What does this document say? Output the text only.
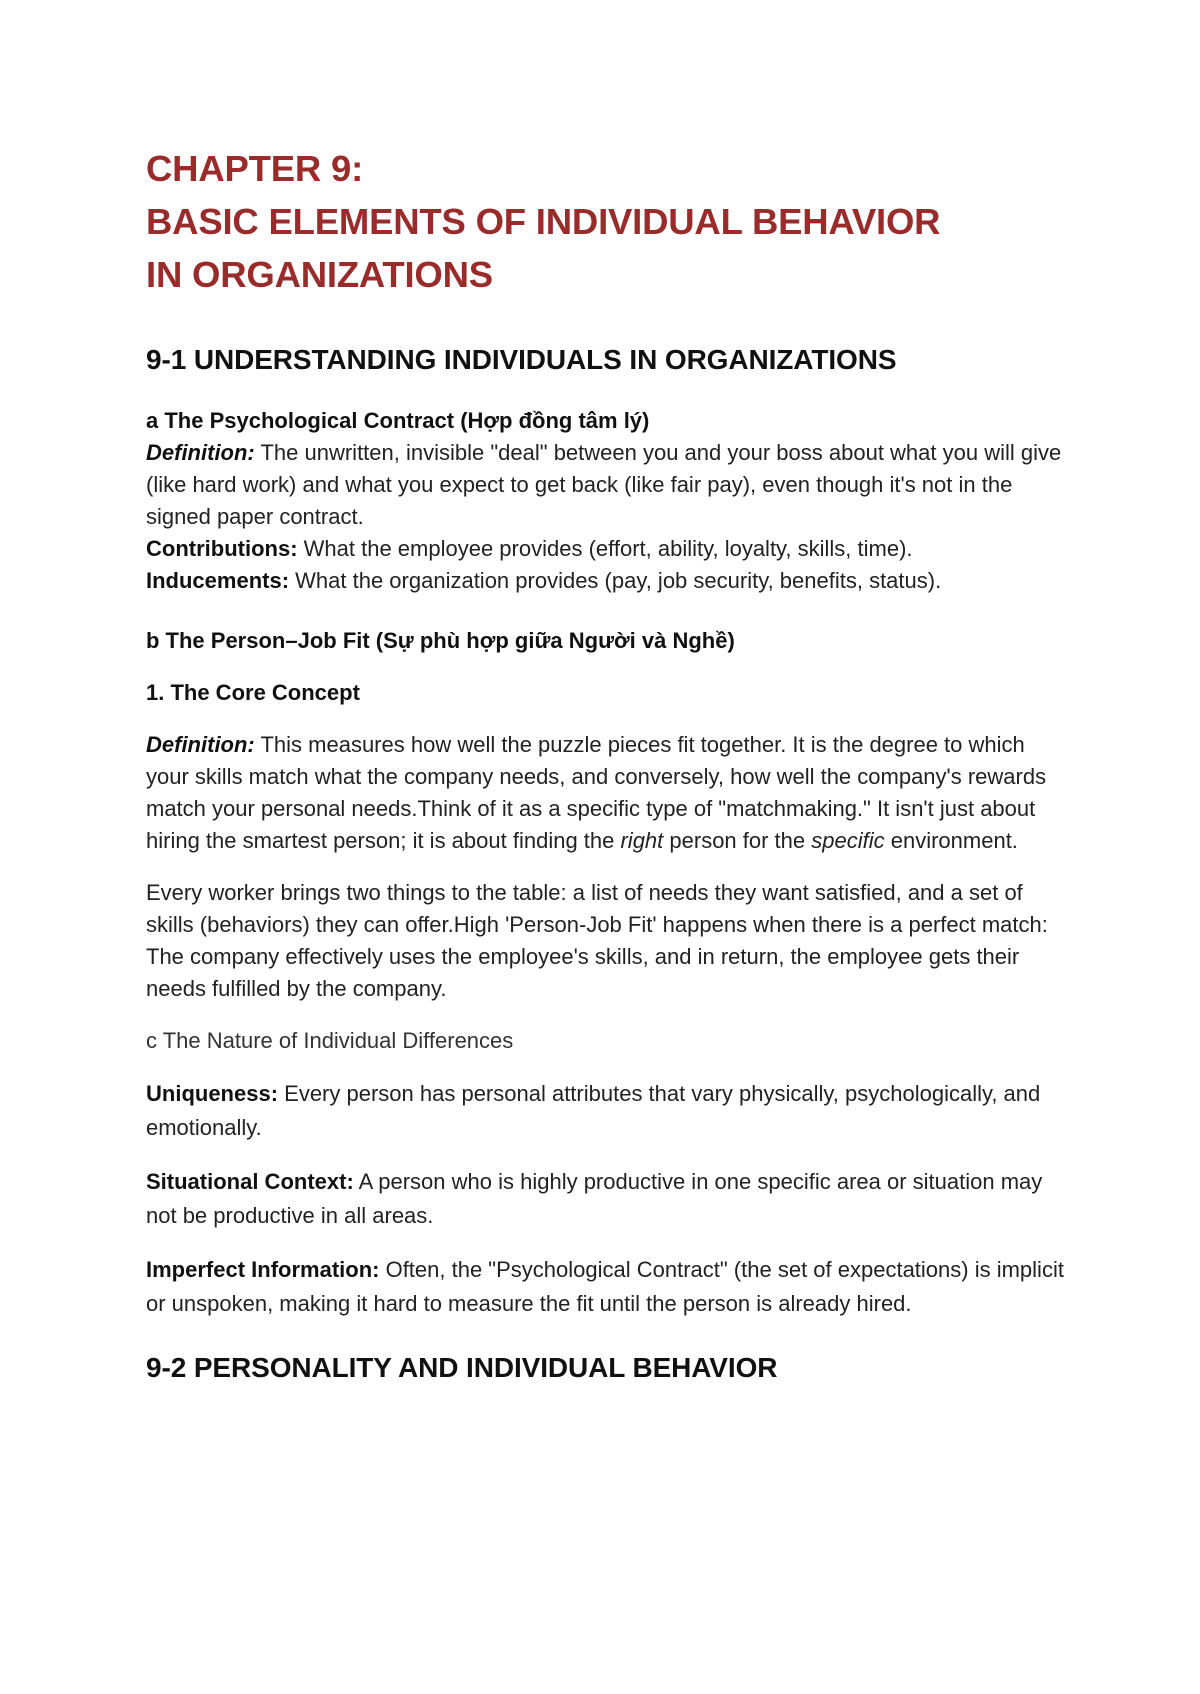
CHAPTER 9:
BASIC ELEMENTS OF INDIVIDUAL BEHAVIOR
IN ORGANIZATIONS
9-1 UNDERSTANDING INDIVIDUALS IN ORGANIZATIONS
a The Psychological Contract (Hợp đồng tâm lý)

Definition: The unwritten, invisible "deal" between you and your boss about what you will give (like hard work) and what you expect to get back (like fair pay), even though it's not in the signed paper contract.

Contributions: What the employee provides (effort, ability, loyalty, skills, time).

Inducements: What the organization provides (pay, job security, benefits, status).

b The Person–Job Fit (Sự phù hợp giữa Người và Nghề)
1. The Core Concept

Definition: This measures how well the puzzle pieces fit together. It is the degree to which your skills match what the company needs, and conversely, how well the company's rewards match your personal needs.Think of it as a specific type of "matchmaking." It isn't just about hiring the smartest person; it is about finding the right person for the specific environment.

Every worker brings two things to the table: a list of needs they want satisfied, and a set of skills (behaviors) they can offer.High 'Person-Job Fit' happens when there is a perfect match: The company effectively uses the employee's skills, and in return, the employee gets their needs fulfilled by the company.

c The Nature of Individual Differences

Uniqueness: Every person has personal attributes that vary physically, psychologically, and emotionally.

Situational Context: A person who is highly productive in one specific area or situation may not be productive in all areas.

Imperfect Information: Often, the "Psychological Contract" (the set of expectations) is implicit or unspoken, making it hard to measure the fit until the person is already hired.

9-2 PERSONALITY AND INDIVIDUAL BEHAVIOR
